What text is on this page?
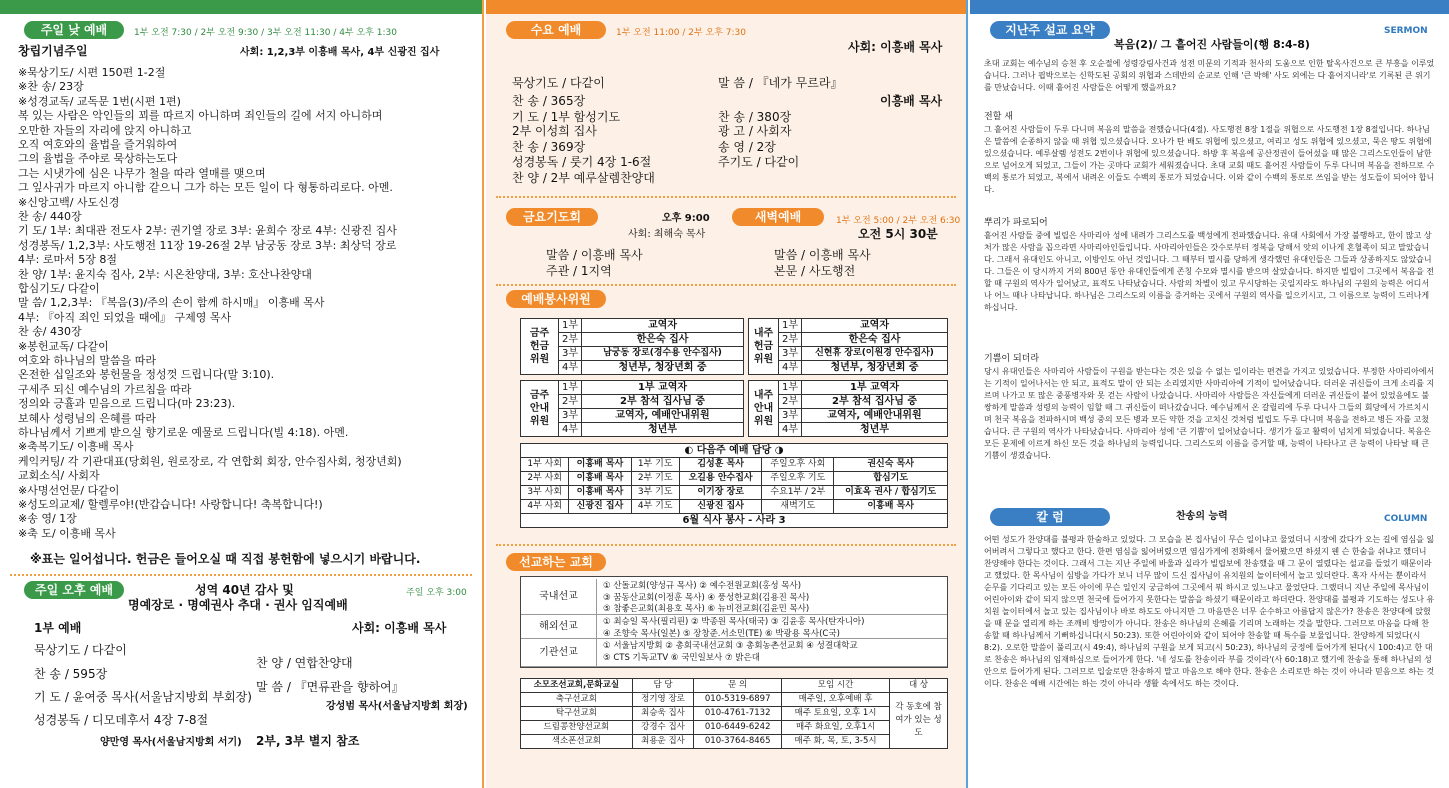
주일 낮 예배	1부 오전 7:30 / 2부 오전 9:30 / 3부 오전 11:30 / 4부 오후 1:30
창립기념주일	사회: 1,2,3부 이흥배 목사, 4부 신광진 집사
※묵상기도/ 시편 150편 1-2절
※찬 송/ 23장
※성경교독/ 교독문 1번(시편 1편)
복 있는 사람은 악인들의 꾀를 따르지 아니하며 죄인들의 길에 서지 아니하며
오만한 자들의 자리에 앉지 아니하고
오직 여호와의 율법을 즐거워하여
그의 율법을 주야로 묵상하는도다
그는 시냇가에 심은 나무가 철을 따라 열매를 맺으며
그 잎사귀가 마르지 아니함 같으니 그가 하는 모든 일이 다 형통하리로다. 아멘.
※신앙고백/ 사도신경
찬 송/ 440장
기 도/ 1부: 최대관 전도사 2부: 권기열 장로 3부: 윤희수 장로 4부: 신광진 집사
성경봉독/ 1,2,3부: 사도행전 11장 19-26절 2부 남궁동 장로 3부: 최상덕 장로
4부: 로마서 5장 8절
찬 양/ 1부: 윤지숙 집사, 2부: 시온찬양대, 3부: 호산나찬양대
합심기도/ 다같이
말 씀/ 1,2,3부: 『복음(3)/주의 손이 함께 하시매』 이흥배 목사
4부: 『아직 죄인 되었을 때에』 구제영 목사
찬 송/ 430장
※봉헌교독/ 다같이
여호와 하나님의 말씀을 따라
온전한 십일조와 봉헌물을 정성껏 드립니다(말 3:10).
구세주 되신 예수님의 가르침을 따라
정의와 긍휼과 믿음으로 드립니다(마 23:23).
보혜사 성령님의 은혜를 따라
하나님께서 기쁘게 받으실 향기로운 예물로 드립니다(빌 4:18). 아멘.
※축복기도/ 이흥배 목사
케익커팅/ 각 기관대표(당회원, 원로장로, 각 연합회 회장, 안수집사회, 청장년회)
교회소식/ 사회자
※사명선언문/ 다같이
※성도의교제/ 할렐루야!(반갑습니다! 사랑합니다! 축복합니다!)
※송 영/ 1장
※축 도/ 이흥배 목사
※표는 일어섭니다. 헌금은 들어오실 때 직접 봉헌함에 넣으시기 바랍니다.
주일 오후 예배	주일 오후 3:00
성역 40년 감사 및
명예장로 · 명예권사 추대 · 권사 임직예배
1부 예배	사회: 이흥배 목사
묵상기도 / 다같이
찬 송 / 595장
기 도 / 윤여중 목사(서울남지방회 부회장)
성경봉독 / 디모데후서 4장 7-8절
찬 양 / 연합찬양대
말 씀 / 『면류관을 향하여』
강성범 목사(서울남지방회 회장)
양만영 목사(서울남지방회 서기) 2부, 3부 별지 참조
수요 예배	1부 오전 11:00 / 2부 오후 7:30
사회: 이흥배 목사
묵상기도 / 다같이
찬 송 / 365장
기 도 / 1부 함성기도
2부 이성희 집사
찬 송 / 369장
성경봉독 / 룻기 4장 1-6절
찬 양 / 2부 예루살렘찬양대
말 씀 / 『네가 무르라』
이흥배 목사
찬 송 / 380장
광 고 / 사회자
송 영 / 2장
주기도 / 다같이
금요기도회	오후 9:00
사회: 최해숙 목사
말씀 / 이흥배 목사
주관 / 1지역
새벽예배	1부 오전 5:00 / 2부 오전 6:30
오전 5시 30분
말씀 / 이흥배 목사
본문 / 사도행전
예배봉사위원
금주
헌금
위원	1부	교역자
	2부	한은숙 집사
	3부	남궁동 장로(경수용 안수집사)
	4부	청년부, 청장년회 중
내주
헌금
위원	1부	교역자
	2부	한은숙 집사
	3부	신현휴 장로(이원경 안수집사)
	4부	청년부, 청장년회 중
금주
안내
위원	1부	1부 교역자
	2부	2부 참석 집사님 중
	3부	교역자, 예배안내위원
	4부	청년부
내주
안내
위원	1부	1부 교역자
	2부	2부 참석 집사님 중
	3부	교역자, 예배안내위원
	4부	청년부
◐ 다음주 예배 담당 ◑					
1부 사회	이흥배 목사	1부 기도	김성훈 목사	주일오후 사회	권신숙 목사
2부 사회	이흥배 목사	2부 기도	오길용 안수집사	주일오후 기도	합심기도
3부 사회	이흥배 목사	3부 기도	이기장 장로	수요1부 / 2부	이효옥 권사 / 합심기도
4부 사회	신광진 집사	4부 기도	신광진 집사	새벽기도	이흥배 목사
6월 식사 봉사 - 사라 3					
선교하는 교회
국내선교
① 산돌교회(양성규 목사) ② 예수전원교회(홍성 목사)
③ 꿈동산교회(이정훈 목사) ④ 풍성한교회(김용진 목사)
⑤ 참좋은교회(최용호 목사) ⑥ 뉴비전교회(김윤민 목사)
해외선교	① 최승일 목사(필리핀) ② 박종원 목사(태국) ③ 김윤홍 목사(탄자니아)
④ 조향숙 목사(일본) ⑤ 장창준.서소민(TE) ⑥ 박광용 목사(C국)
기관선교
① 서울남지방회 ② 총회국내선교회 ③ 총회농촌선교회 ④ 성결대학교
⑤ CTS 기독교TV ⑥ 국민일보사 ⑦ 밝은대
소모조선교회,문화교실	담 당	문 의	모임 시간	대 상
축구선교회	정기영 장로	010-5319-6897	매주일, 오후예배 후	각 동호에 참여가 있는 성도
탁구선교회	최승욱 집사	010-4761-7132	매주 토요일, 오후 1시	
드림콩찬양선교회	강경수 집사	010-6449-6242	매주 화요일, 오후1시	
색소폰선교회	최용운 집사	010-3764-8465	매주 화, 목, 토, 3-5시	
지난주 설교 요약	SERMON
복음(2)/ 그 흩어진 사람들이(행 8:4-8)
초대 교회는 예수님의 승천 후 오순절에 성령강림사건과 성전 미문의 기적과 천사의 도움으로 인한 탈옥사건으로 큰 부흥을 이루었습니다. 그러나 핍박으로는 신학도된 공회의 위협과 스데반의 순교로 인해 '큰 박해' 사도 외에는 다 흩어지니라'로 기록된 큰 위기를 만났습니다. 이때 흩어진 사람들은 어떻게 했을까요?
전할 새
그 흩어진 사람들이 두루 다니며 복음의 말씀을 전했습니다(4절). 사도행전 8장 1절을 위협으로 사도행전 1장 8절입니다. 하나님은 말씀에 순종하지 않을 때 위협 있으셨습니다. 오나가 탄 배도 위협에 있으셨고, 여리고 성도 위협에 있으셨고, 묵은 땅도 위협에 있으셨습니다. 예루살렘 성전도 2번이나 위협에 있으셨습니다. 하방 후 복음에 공산정권이 들어섰을 때 많은 그리스도인들이 남한으로 넘어오게 되었고, 그들이 가는 곳마다 교회가 세워졌습니다. 초대 교회 때도 흩어진 사람들이 두루 다니며 복음을 전하므로 수백의 통로가 되었고, 복에서 내려온 이들도 수백의 통로가 되었습니다. 이와 같이 수백의 통로로 쓰임을 받는 성도들이 되어야 합니다.
뿌리가 파로되어
흩어진 사람들 중에 빌립은 사마리아 성에 내려가 그리스도를 백성에게 전파했습니다. 유대 사회에서 가장 불행하고, 한이 많고 상처가 많은 사람을 꼽으라면 사마리아인들입니다. 사마리아인들은 갓수로부터 정복을 당해서 앗의 이나게 혼혈족이 되고 말았습니다. 그래서 유대인도 아니고, 이방인도 아닌 것입니다. 그 때부터 멸시를 당하게 생각했던 유대인들은 그들과 상종하지도 않았습니다. 그들은 이 당시까지 거의 800년 동안 유대인들에게 존칭 수모와 멸시를 받으며 살았습니다. 하지만 빌립이 그곳에서 복음을 전할 때 구원의 역사가 일어났고, 표적도 나타났습니다. 사람의 차별이 있고 무시당하는 곳일지라도 하나님의 구원의 능력은 어디서나 어느 때나 나타납니다. 하나님은 그리스도의 이름을 증거하는 곳에서 구원의 역사를 일으키시고, 그 이름으로 능력이 드러나게 하십니다.
기쁨이 되더라
당시 유대인들은 사마리아 사람들이 구원을 받는다는 것은 있을 수 없는 일이라는 편견을 가지고 있었습니다. 부정한 사마리아에서는 기적이 일어나서는 안 되고, 표적도 말이 안 되는 소리였지만 사마리아에 기적이 일어났습니다. 더러운 귀신들이 크게 소리를 지르며 나가고 또 많은 중풍병자와 못 걷는 사람이 나았습니다. 사마리아 사람들은 자신들에게 더러운 귀신들이 붙어 있었음에도 불쌍하게 말씀과 성령의 능력이 임할 때 그 귀신들이 떠나갔습니다. 예수님께서 온 갈릴리에 두루 다니사 그들의 회당에서 가르치시며 천국 복음을 전파하시며 백성 중의 모든 병과 모든 약한 것을 고치신 것처럼 빌립도 두루 다니며 복음을 전하고 병든 자를 고쳤습니다. 큰 구원의 역사가 나타났습니다. 사마리아 성에 '큰 기쁨'이 일어났습니다. 생기가 돌고 활력이 넘치게 되었습니다. 복음은 모든 문제에 이르게 하신 모든 것을 하나님의 능력입니다. 그리스도의 이름을 증거할 때, 능력이 나타나고 큰 능력이 나타날 때 큰 기쁨이 생겼습니다.
칼 럼	찬송의 능력	COLUMN
어떤 성도가 찬양대를 불평과 한숨하고 있었다. 그 모습을 본 집사님이 무슨 일이냐고 물었더니 시장에 갔다가 오는 길에 염심을 잃어버려서 그렇다고 했다고 한다. 한편 염심을 잃어버렸으면 염심가게에 전화해서 물어봤으면 하셨지 웬 슨 한숨을 쉬냐고 했더니 찬양해야 한다는 것이다. 그래서 그는 지난 주일에 바울과 실라가 빌립보에 찬송했을 때 그 문이 열렸다는 설교를 들었기 때문이라고 했었다. 한 목사님이 심방을 가다가 보니 너무 많이 드신 집사님이 유치원의 놀이터에서 놀고 있더란다. 혹자 사서는 뿐이라서 순무를 기다리고 있는 모든 아이에 무슨 일인지 궁금하여 그곳에서 뭐 하시고 있느냐고 물었단다. 그랬더니 지난 주일에 목사님이 어린아이와 같이 되지 않으면 천국에 들어가지 못한다는 말씀을 하셨기 때문이라고 하더란다. 찬양대를 불평과 기도하는 성도나 유치원 놀이터에서 놀고 있는 집사님이나 바로 하도도 아니지만 그 마음만은 너무 순수하고 아름답지 않은가? 찬송은 찬양대에 앉혔을 때 문을 열리게 하는 조깨비 방망이가 아니다. 찬송은 하나님의 은혜를 기리며 노래하는 것을 말한다. 그러므로 마음을 다해 찬송할 때 하나님께서 기뻐하십니다(시 50:23). 또한 어린아이와 같이 되어야 찬송할 때 특수를 보물입니다. 찬양하게 되었다(시 8:2). 오로한 말씀이 풀리고(시 49:4), 하나님의 구원을 보게 되고(시 50:23), 하나님의 궁정에 들어가게 된다(시 100:4)고 한 대로 찬송은 하나님의 임재하심으로 들어가게 한다. '네 성도를 찬송이라 부를 것이라'(사 60:18)고 했기에 찬송을 통해 하나님의 성 안으로 들어가게 된다. 그러므로 입술로만 찬송하지 말고 마음으로 해야 한다. 찬송은 소리로만 하는 것이 아니라 믿음으로 하는 것이다. 찬송은 예배 시간에는 하는 것이 아니라 생활 속에서도 하는 것이다.
